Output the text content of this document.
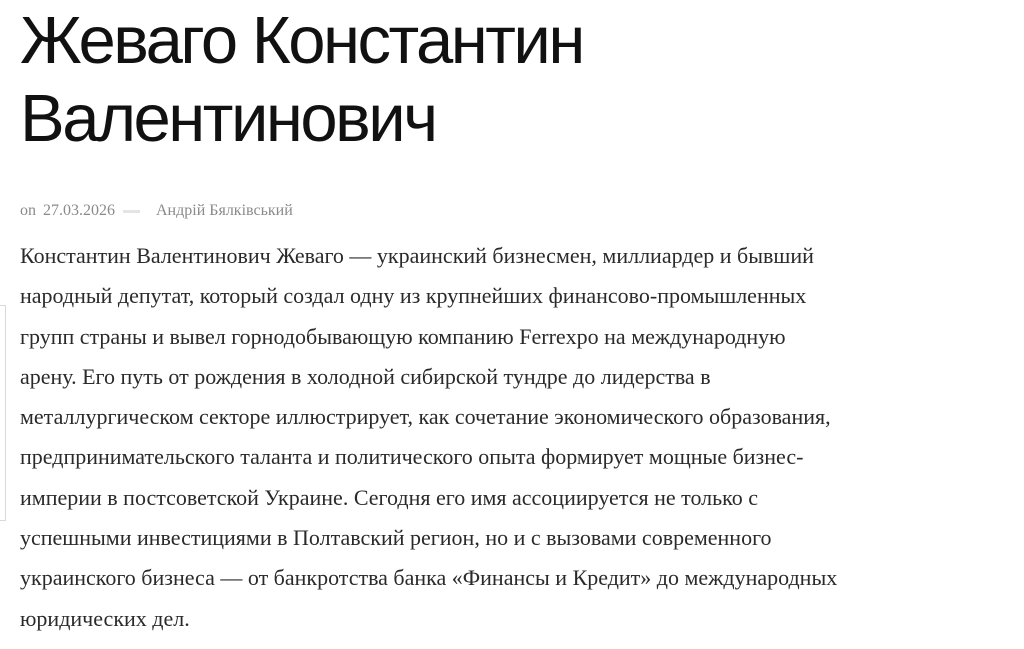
Жеваго Константин
Валентинович
on 27.03.2026	Андрій Бялківський

Константин Валентинович Жеваго — украинский бизнесмен, миллиардер и бывший
народный депутат, который создал одну из крупнейших финансово-промышленных
групп страны и вывел горнодобывающую компанию Ferrexpo на международную
арену. Его путь от рождения в холодной сибирской тундре до лидерства в
металлургическом секторе иллюстрирует, как сочетание экономического образования,
предпринимательского таланта и политического опыта формирует мощные бизнес-
империи в постсоветской Украине. Сегодня его имя ассоциируется не только с
успешными инвестициями в Полтавский регион, но и с вызовами современного
украинского бизнеса — от банкротства банка «Финансы и Кредит» до международных
юридических дел.
